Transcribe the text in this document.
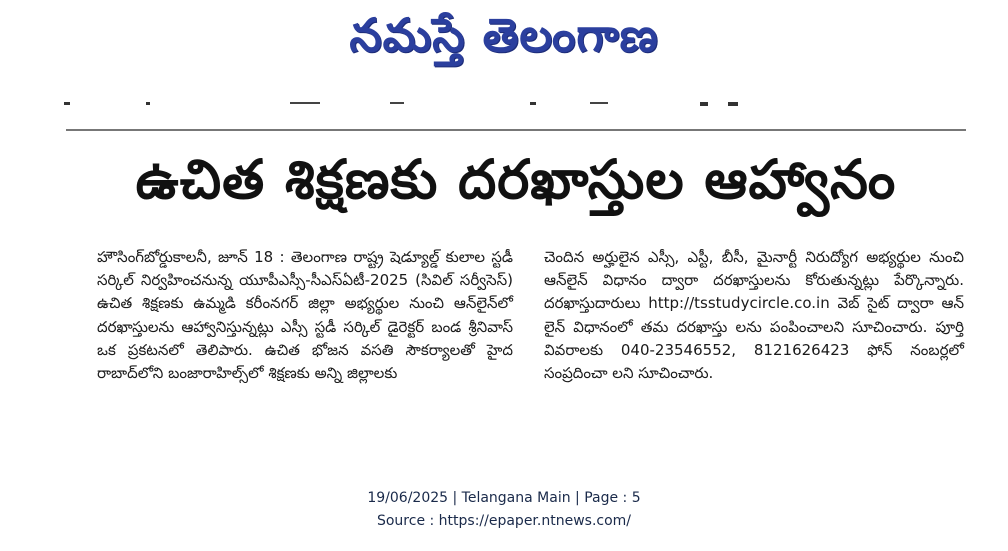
నమస్తే తెలంగాణ
ఉచిత శిక్షణకు దరఖాస్తుల ఆహ్వానం

హౌసింగ్‌బోర్డుకాలనీ, జూన్ 18 : తెలంగాణ రాష్ట్ర షెడ్యూల్డ్ కులాల స్టడీ సర్కిల్ నిర్వహించనున్న యూపీఎస్సీ-సీఎస్ఏటీ-2025 (సివిల్ సర్వీసెస్) ఉచిత శిక్షణకు ఉమ్మడి కరీంనగర్ జిల్లా అభ్యర్థుల నుంచి ఆన్‌లైన్‌లో దరఖాస్తులను ఆహ్వానిస్తున్నట్లు ఎస్సీ స్టడీ సర్కిల్ డైరెక్టర్ బండ శ్రీనివాస్ ఒక ప్రకటనలో తెలిపారు. ఉచిత భోజన వసతి సౌకర్యాలతో హైద రాబాద్‌లోని బంజారాహిల్స్‌లో శిక్షణకు అన్ని జిల్లాలకు

చెందిన అర్హులైన ఎస్సీ, ఎస్టీ, బీసీ, మైనార్టీ నిరుద్యోగ అభ్యర్థుల నుంచి ఆన్‌లైన్ విధానం ద్వారా దరఖాస్తులను కోరుతున్నట్లు పేర్కొన్నారు. దరఖాస్తుదారులు http://tsstudycircle.co.in వెబ్ సైట్ ద్వారా ఆన్ లైన్ విధానంలో తమ దరఖాస్తు లను పంపించాలని సూచించారు. పూర్తి వివరాలకు 040-23546552, 8121626423 ఫోన్ నంబర్లలో సంప్రదించా లని సూచించారు.

19/06/2025 | Telangana Main | Page : 5
Source : https://epaper.ntnews.com/
